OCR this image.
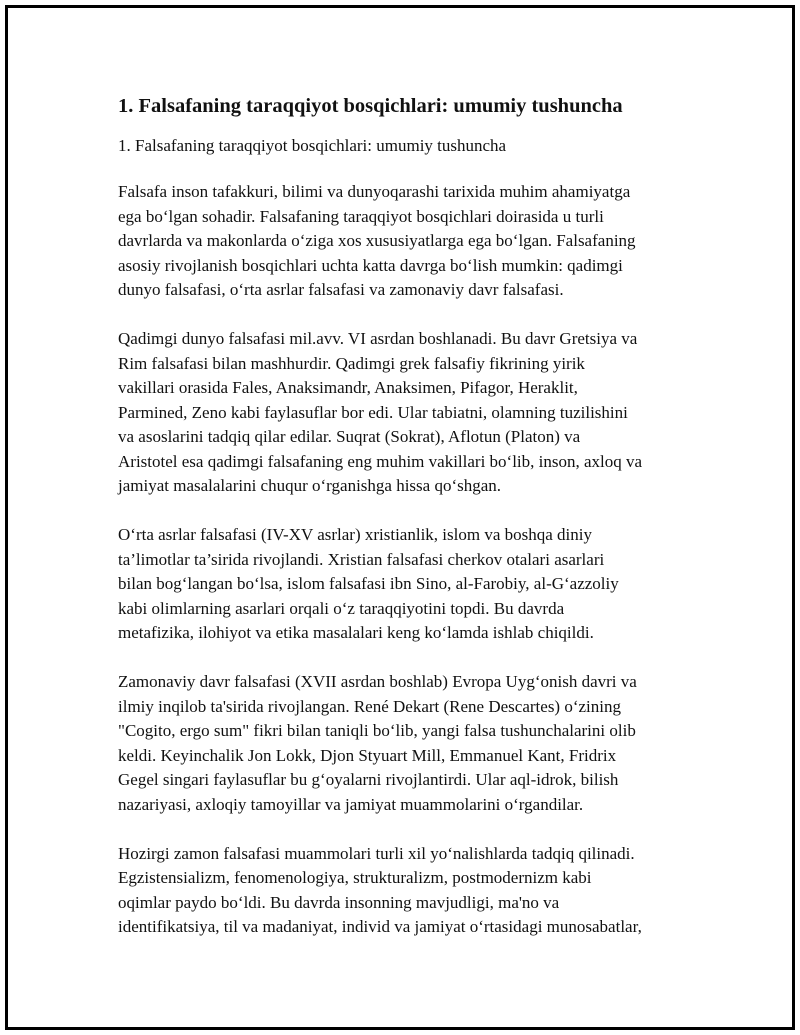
1. Falsafaning taraqqiyot bosqichlari: umumiy tushuncha

1. Falsafaning taraqqiyot bosqichlari: umumiy tushuncha

Falsafa inson tafakkuri, bilimi va dunyoqarashi tarixida muhim ahamiyatga
ega bo‘lgan sohadir. Falsafaning taraqqiyot bosqichlari doirasida u turli
davrlarda va makonlarda o‘ziga xos xususiyatlarga ega bo‘lgan. Falsafaning
asosiy rivojlanish bosqichlari uchta katta davrga bo‘lish mumkin: qadimgi
dunyo falsafasi, o‘rta asrlar falsafasi va zamonaviy davr falsafasi.
Qadimgi dunyo falsafasi mil.avv. VI asrdan boshlanadi. Bu davr Gretsiya va
Rim falsafasi bilan mashhurdir. Qadimgi grek falsafiy fikrining yirik
vakillari orasida Fales, Anaksimandr, Anaksimen, Pifagor, Heraklit,
Parmined, Zeno kabi faylasuflar bor edi. Ular tabiatni, olamning tuzilishini
va asoslarini tadqiq qilar edilar. Suqrat (Sokrat), Aflotun (Platon) va
Aristotel esa qadimgi falsafaning eng muhim vakillari bo‘lib, inson, axloq va
jamiyat masalalarini chuqur o‘rganishga hissa qo‘shgan.
O‘rta asrlar falsafasi (IV-XV asrlar) xristianlik, islom va boshqa diniy
ta’limotlar ta’sirida rivojlandi. Xristian falsafasi cherkov otalari asarlari
bilan bog‘langan bo‘lsa, islom falsafasi ibn Sino, al-Farobiy, al-G‘azzoliy
kabi olimlarning asarlari orqali o‘z taraqqiyotini topdi. Bu davrda
metafizika, ilohiyot va etika masalalari keng ko‘lamda ishlab chiqildi.
Zamonaviy davr falsafasi (XVII asrdan boshlab) Evropa Uyg‘onish davri va
ilmiy inqilob ta'sirida rivojlangan. René Dekart (Rene Descartes) o‘zining
"Cogito, ergo sum" fikri bilan taniqli bo‘lib, yangi falsa tushunchalarini olib
keldi. Keyinchalik Jon Lokk, Djon Styuart Mill, Emmanuel Kant, Fridrix
Gegel singari faylasuflar bu g‘oyalarni rivojlantirdi. Ular aql-idrok, bilish
nazariyasi, axloqiy tamoyillar va jamiyat muammolarini o‘rgandilar.
Hozirgi zamon falsafasi muammolari turli xil yo‘nalishlarda tadqiq qilinadi.
Egzistensializm, fenomenologiya, strukturalizm, postmodernizm kabi
oqimlar paydo bo‘ldi. Bu davrda insonning mavjudligi, ma'no va
identifikatsiya, til va madaniyat, individ va jamiyat o‘rtasidagi munosabatlar,
